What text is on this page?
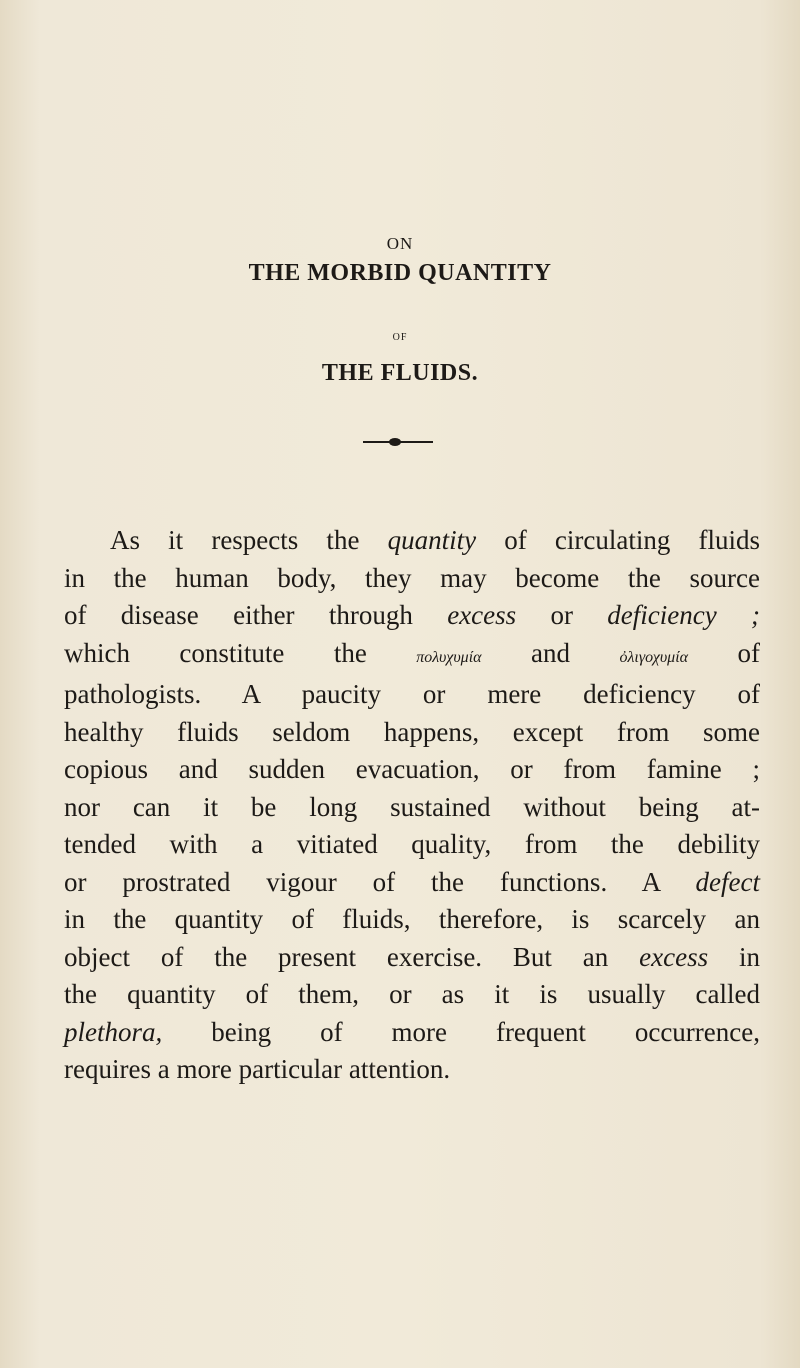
ON
THE MORBID QUANTITY
OF
THE FLUIDS.
As it respects the quantity of circulating fluids
in the human body, they may become the source
of disease either through excess or deficiency ;
which constitute the πολυχυμία and ὀλιγοχυμία of
pathologists. A paucity or mere deficiency of
healthy fluids seldom happens, except from some
copious and sudden evacuation, or from famine ;
nor can it be long sustained without being at-
tended with a vitiated quality, from the debility
or prostrated vigour of the functions. A defect
in the quantity of fluids, therefore, is scarcely an
object of the present exercise. But an excess in
the quantity of them, or as it is usually called
plethora, being of more frequent occurrence,
requires a more particular attention.
